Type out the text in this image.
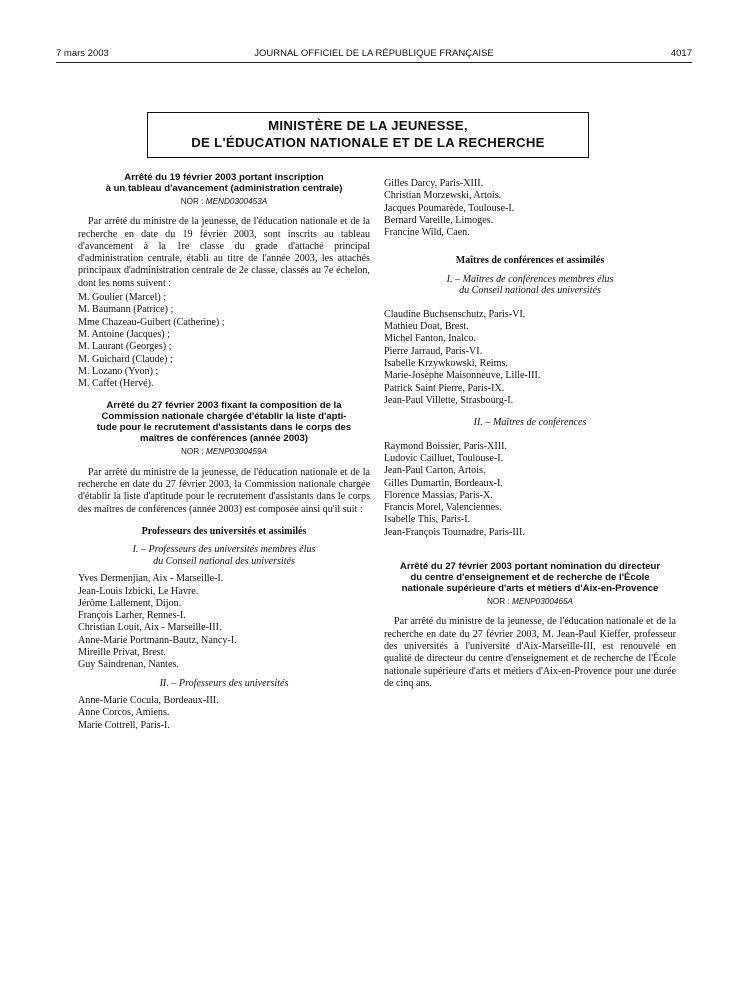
7 mars 2003	JOURNAL OFFICIEL DE LA RÉPUBLIQUE FRANÇAISE	4017
MINISTÈRE DE LA JEUNESSE,
DE L'ÉDUCATION NATIONALE ET DE LA RECHERCHE
Arrêté du 19 février 2003 portant inscription
à un tableau d'avancement (administration centrale)
NOR : MEND0300453A

Par arrêté du ministre de la jeunesse, de l'éducation nationale et de la recherche en date du 19 février 2003, sont inscrits au tableau d'avancement à la 1re classe du grade d'attaché principal d'administration centrale, établi au titre de l'année 2003, les attachés principaux d'administration centrale de 2e classe, classés au 7e échelon, dont les noms suivent :

M. Goulier (Marcel) ;
M. Baumann (Patrice) ;
Mme Chazeau-Guibert (Catherine) ;
M. Antoine (Jacques) ;
M. Laurant (Georges) ;
M. Guichard (Claude) ;
M. Lozano (Yvon) ;
M. Caffet (Hervé).
Arrêté du 27 février 2003 fixant la composition de la
Commission nationale chargée d'établir la liste d'apti-
tude pour le recrutement d'assistants dans le corps des
maîtres de conférences (année 2003)
NOR : MENP0300459A

Par arrêté du ministre de la jeunesse, de l'éducation nationale et de la recherche en date du 27 février 2003, la Commission nationale chargée d'établir la liste d'aptitude pour le recrutement d'assistants dans le corps des maîtres de conférences (année 2003) est composée ainsi qu'il suit :

Professeurs des universités et assimilés
I. – Professeurs des universités membres élus
du Conseil national des universités
Yves Dermenjian, Aix - Marseille-I.
Jean-Louis Izbicki, Le Havre.
Jérôme Lallement, Dijon.
François Larher, Rennes-I.
Christian Louit, Aix - Marseille-III.
Anne-Marie Portmann-Bautz, Nancy-I.
Mireille Privat, Brest.
Guy Saindrenan, Nantes.
II. – Professeurs des universités
Anne-Marie Cocula, Bordeaux-III.
Anne Corcos, Amiens.
Marie Cottrell, Paris-I.
Gilles Darcy, Paris-XIII.
Christian Morzewski, Artois.
Jacques Poumarède, Toulouse-I.
Bernard Vareille, Limoges.
Francine Wild, Caen.
Maîtres de conférences et assimilés
I. – Maîtres de conférences membres élus
du Conseil national des universités
Claudine Buchsenschutz, Paris-VI.
Mathieu Doat, Brest.
Michel Fanton, Inalco.
Pierre Jarraud, Paris-VI.
Isabelle Krzywkowski, Reims.
Marie-Josèphe Maisonneuve, Lille-III.
Patrick Saint Pierre, Paris-IX.
Jean-Paul Villette, Strasbourg-I.
II. – Maîtres de conférences
Raymond Boissier, Paris-XIII.
Ludovic Cailluet, Toulouse-I.
Jean-Paul Carton, Artois.
Gilles Dumartin, Bordeaux-I.
Florence Massias, Paris-X.
Francis Morel, Valenciennes.
Isabelle This, Paris-I.
Jean-François Tournadre, Paris-III.
Arrêté du 27 février 2003 portant nomination du directeur
du centre d'enseignement et de recherche de l'École
nationale supérieure d'arts et métiers d'Aix-en-Provence
NOR : MENP0300465A

Par arrêté du ministre de la jeunesse, de l'éducation nationale et de la recherche en date du 27 février 2003, M. Jean-Paul Kieffer, professeur des universités à l'université d'Aix-Marseille-III, est renouvelé en qualité de directeur du centre d'enseignement et de recherche de l'École nationale supérieure d'arts et métiers d'Aix-en-Provence pour une durée de cinq ans.
